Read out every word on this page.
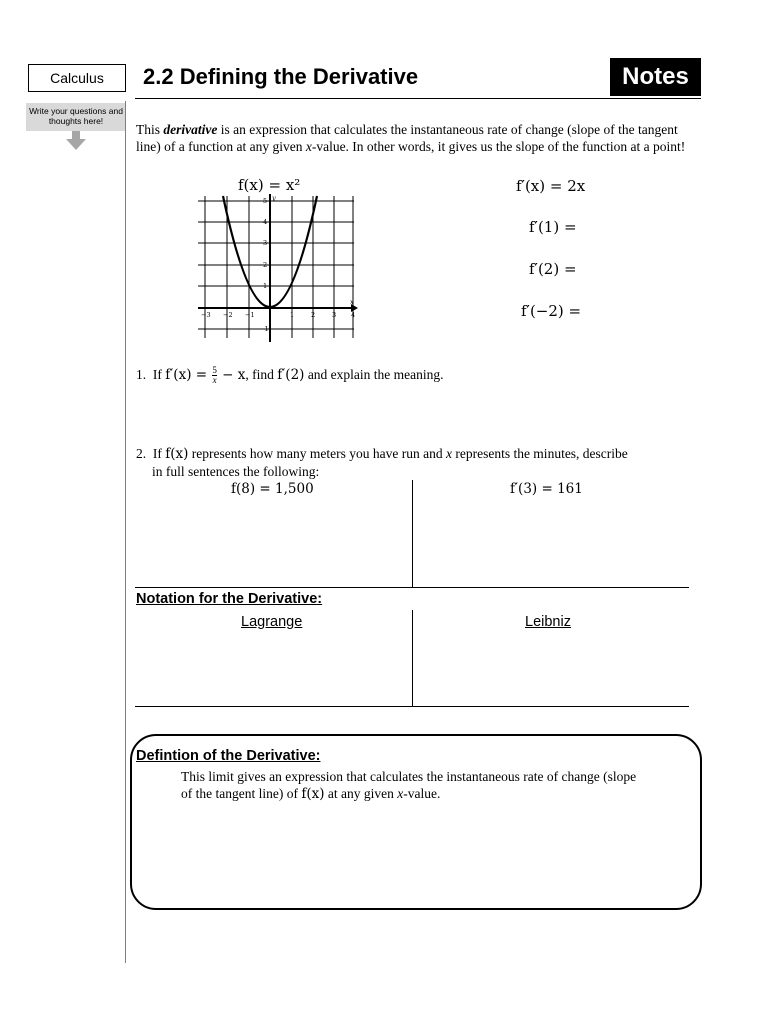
Calculus
Write your questions and thoughts here!
2.2 Defining the Derivative	Notes
This derivative is an expression that calculates the instantaneous rate of change (slope of the tangent line) of a function at any given x-value. In other words, it gives us the slope of the function at a point!
f(x) = x²	f′(x) = 2x
f′(1) =
f′(2) =
f′(−2) =
−3 −2 −1	1	2	3 4
5
4
3
2
1
−1
x
y
1. If $f'(x) = \frac{5}{x} - x$, find f′(2) and explain the meaning.
2. If f(x) represents how many meters you have run and x represents the minutes, describe
in full sentences the following:
f(8) = 1,500	f′(3) = 161
Notation for the Derivative:
Lagrange	Leibniz
Defintion of the Derivative:
This limit gives an expression that calculates the instantaneous rate of change (slope
of the tangent line) of f(x) at any given x-value.
